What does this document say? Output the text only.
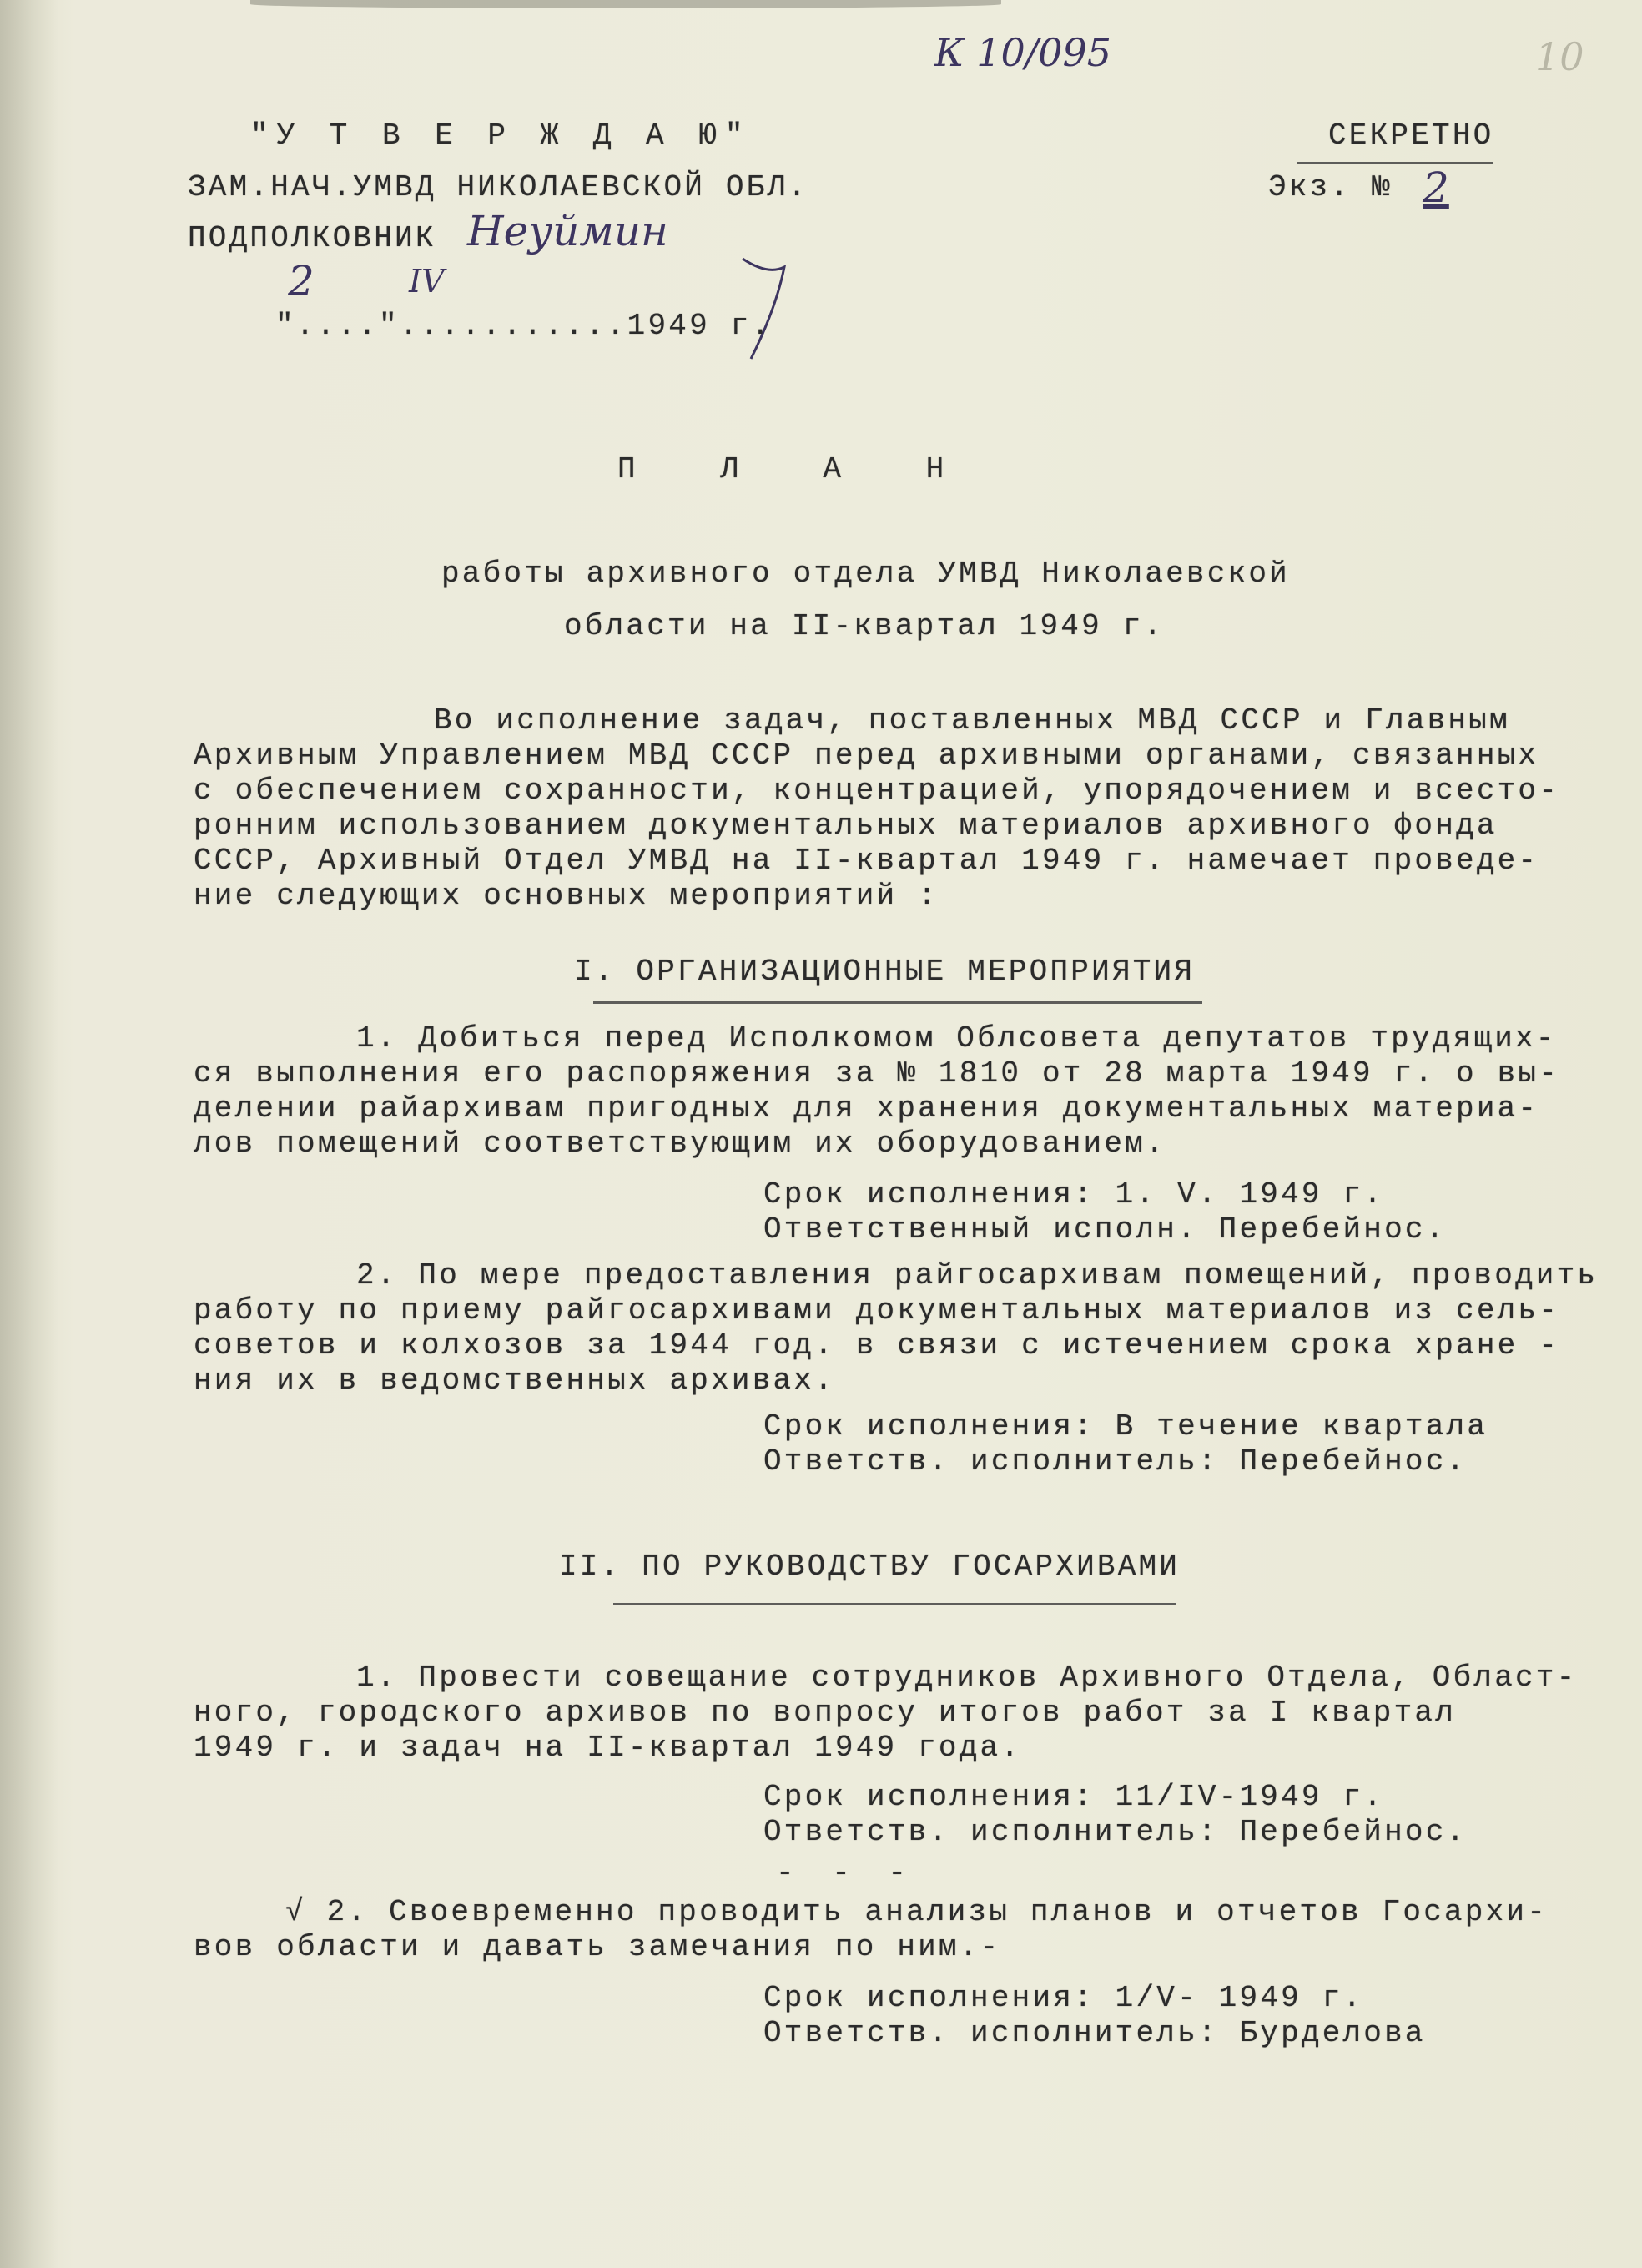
К 10/095	10
"У Т В Е Р Ж Д А Ю"
ЗАМ.НАЧ.УМВД НИКОЛАЕВСКОЙ ОБЛ.
ПОДПОЛКОВНИК Неуймин
2	IV
"...."...........1949 г.
СЕКРЕТНО
Экз. № 2
П Л А Н
работы архивного отдела УМВД Николаевской
области на II-квартал 1949 г.
Во исполнение задач, поставленных МВД СССР и Главным
Архивным Управлением МВД СССР перед архивными органами, связанных
с обеспечением сохранности, концентрацией, упорядочением и всесто-
ронним использованием документальных материалов архивного фонда
СССР, Архивный Отдел УМВД на II-квартал 1949 г. намечает проведе-
ние следующих основных мероприятий :
I. ОРГАНИЗАЦИОННЫЕ МЕРОПРИЯТИЯ
1. Добиться перед Исполкомом Облсовета депутатов трудящих-
ся выполнения его распоряжения за № 1810 от 28 марта 1949 г. о вы-
делении райархивам пригодных для хранения документальных материа-
лов помещений соответствующим их оборудованием.
Срок исполнения: 1. V. 1949 г.
Ответственный исполн. Перебейнос.
2. По мере предоставления райгосархивам помещений, проводить
работу по приему райгосархивами документальных материалов из сель-
советов и колхозов за 1944 год. в связи с истечением срока хране -
ния их в ведомственных архивах.
Срок исполнения: В течение квартала
Ответств. исполнитель: Перебейнос.
II. ПО РУКОВОДСТВУ ГОСАРХИВАМИ
1. Провести совещание сотрудников Архивного Отдела, Област-
ного, городского архивов по вопросу итогов работ за I квартал
1949 г. и задач на II-квартал 1949 года.
Срок исполнения: 11/IV-1949 г.
Ответств. исполнитель: Перебейнос.
√ 2. Своевременно проводить анализы планов и отчетов Госархи-
вов области и давать замечания по ним.-
Срок исполнения: 1/V- 1949 г.
Ответств. исполнитель: Бурделова
- - -
